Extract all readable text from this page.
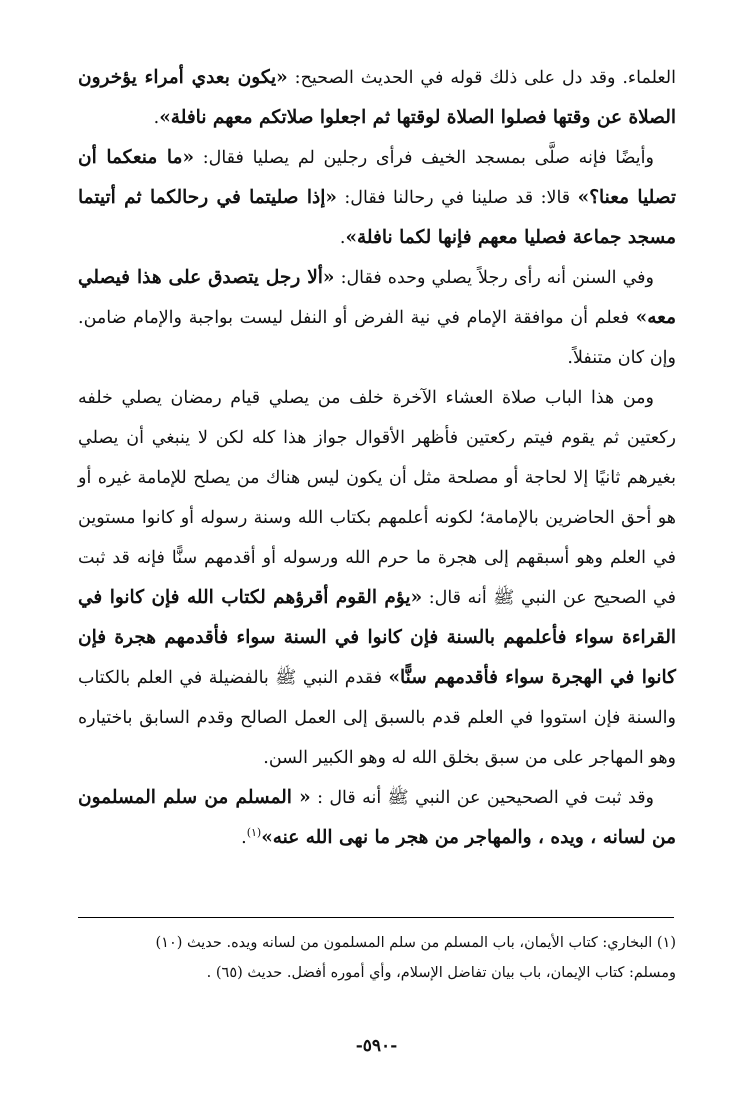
العلماء. وقد دل على ذلك قوله في الحديث الصحيح: «يكون بعدي أمراء يؤخرون الصلاة عن وقتها فصلوا الصلاة لوقتها ثم اجعلوا صلاتكم معهم نافلة».

وأيضًا فإنه صلَّى بمسجد الخيف فرأى رجلين لم يصليا فقال: «ما منعكما أن تصليا معنا؟» قالا: قد صلينا في رحالنا فقال: «إذا صليتما في رحالكما ثم أتيتما مسجد جماعة فصليا معهم فإنها لكما نافلة».

وفي السنن أنه رأى رجلاً يصلي وحده فقال: «ألا رجل يتصدق على هذا فيصلي معه» فعلم أن موافقة الإمام في نية الفرض أو النفل ليست بواجبة والإمام ضامن. وإن كان متنفلاً.

ومن هذا الباب صلاة العشاء الآخرة خلف من يصلي قيام رمضان يصلي خلفه ركعتين ثم يقوم فيتم ركعتين فأظهر الأقوال جواز هذا كله لكن لا ينبغي أن يصلي بغيرهم ثانيًا إلا لحاجة أو مصلحة مثل أن يكون ليس هناك من يصلح للإمامة غيره أو هو أحق الحاضرين بالإمامة؛ لكونه أعلمهم بكتاب الله وسنة رسوله أو كانوا مستوين في العلم وهو أسبقهم إلى هجرة ما حرم الله ورسوله أو أقدمهم سنًّا فإنه قد ثبت في الصحيح عن النبي ﷺ أنه قال: «يؤم القوم أقرؤهم لكتاب الله فإن كانوا في القراءة سواء فأعلمهم بالسنة فإن كانوا في السنة سواء فأقدمهم هجرة فإن كانوا في الهجرة سواء فأقدمهم سنًّا» فقدم النبي ﷺ بالفضيلة في العلم بالكتاب والسنة فإن استووا في العلم قدم بالسبق إلى العمل الصالح وقدم السابق باختياره وهو المهاجر على من سبق بخلق الله له وهو الكبير السن.

وقد ثبت في الصحيحين عن النبي ﷺ أنه قال : « المسلم من سلم المسلمون من لسانه ، ويده ، والمهاجر من هجر ما نهى الله عنه»$^{(١)}$.

(١) البخاري: كتاب الأيمان، باب المسلم من سلم المسلمون من لسانه ويده. حديث (١٠)

ومسلم: كتاب الإيمان، باب بيان تفاضل الإسلام، وأي أموره أفضل. حديث (٦٥) .

-٥٩٠-
